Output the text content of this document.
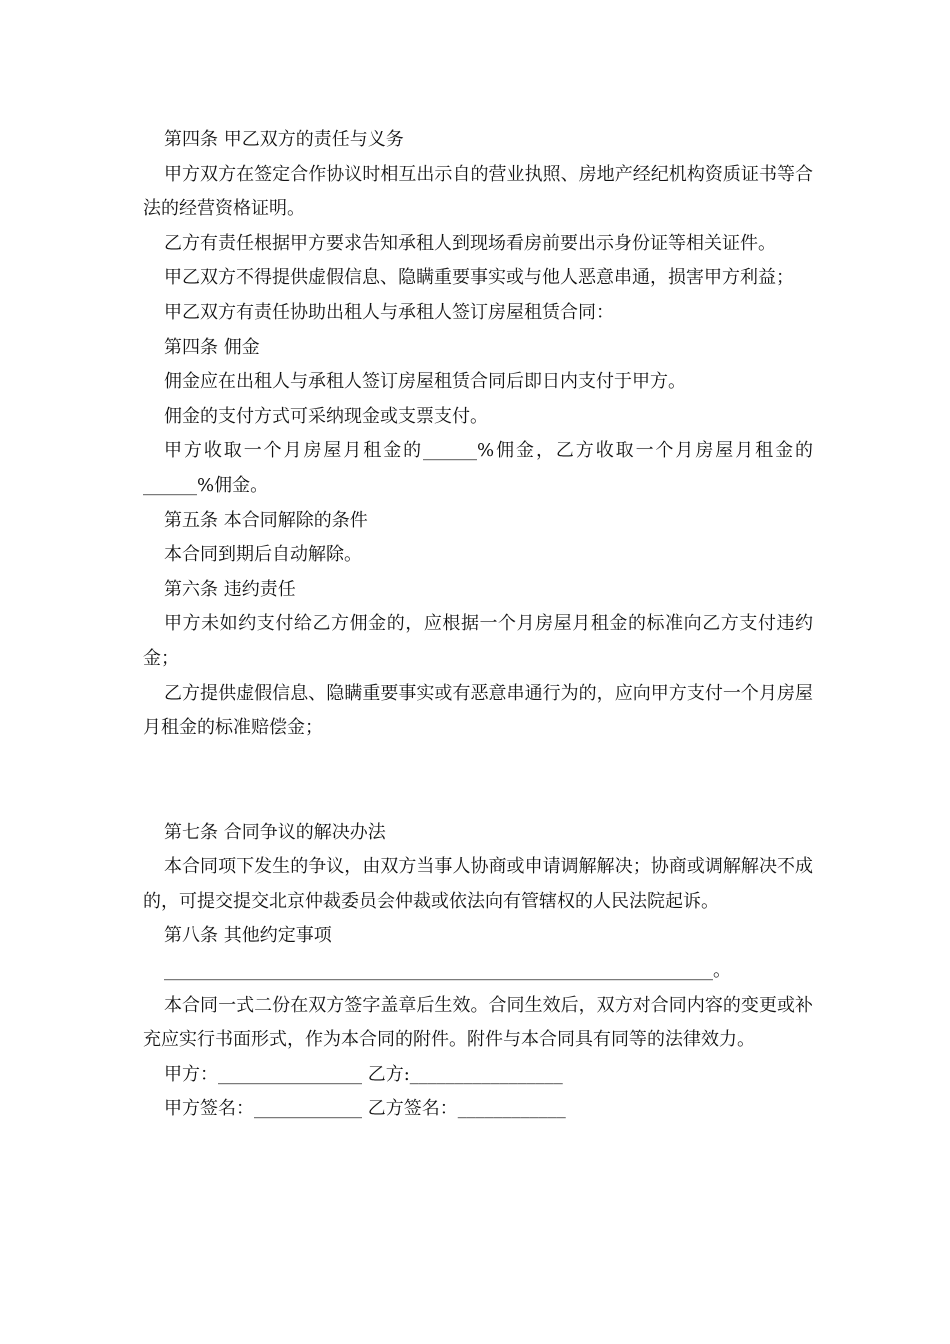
第四条 甲乙双方的责任与义务

甲方双方在签定合作协议时相互出示自的营业执照、房地产经纪机构资质证书等合法的经营资格证明。

乙方有责任根据甲方要求告知承租人到现场看房前要出示身份证等相关证件。

甲乙双方不得提供虚假信息、隐瞒重要事实或与他人恶意串通，损害甲方利益；

甲乙双方有责任协助出租人与承租人签订房屋租赁合同：

第四条 佣金

佣金应在出租人与承租人签订房屋租赁合同后即日内支付于甲方。

佣金的支付方式可采纳现金或支票支付。

甲方收取一个月房屋月租金的______%佣金，乙方收取一个月房屋月租金的______%佣金。

第五条 本合同解除的条件

本合同到期后自动解除。

第六条 违约责任

甲方未如约支付给乙方佣金的，应根据一个月房屋月租金的标准向乙方支付违约金；

乙方提供虚假信息、隐瞒重要事实或有恶意串通行为的，应向甲方支付一个月房屋月租金的标准赔偿金；

第七条 合同争议的解决办法

本合同项下发生的争议，由双方当事人协商或申请调解解决；协商或调解解决不成的，可提交提交北京仲裁委员会仲裁或依法向有管辖权的人民法院起诉。

第八条 其他约定事项

_____________________________________________________________。

本合同一式二份在双方签字盖章后生效。合同生效后，双方对合同内容的变更或补充应实行书面形式，作为本合同的附件。附件与本合同具有同等的法律效力。

甲方：________________ 乙方:_________________

甲方签名：____________ 乙方签名：____________
